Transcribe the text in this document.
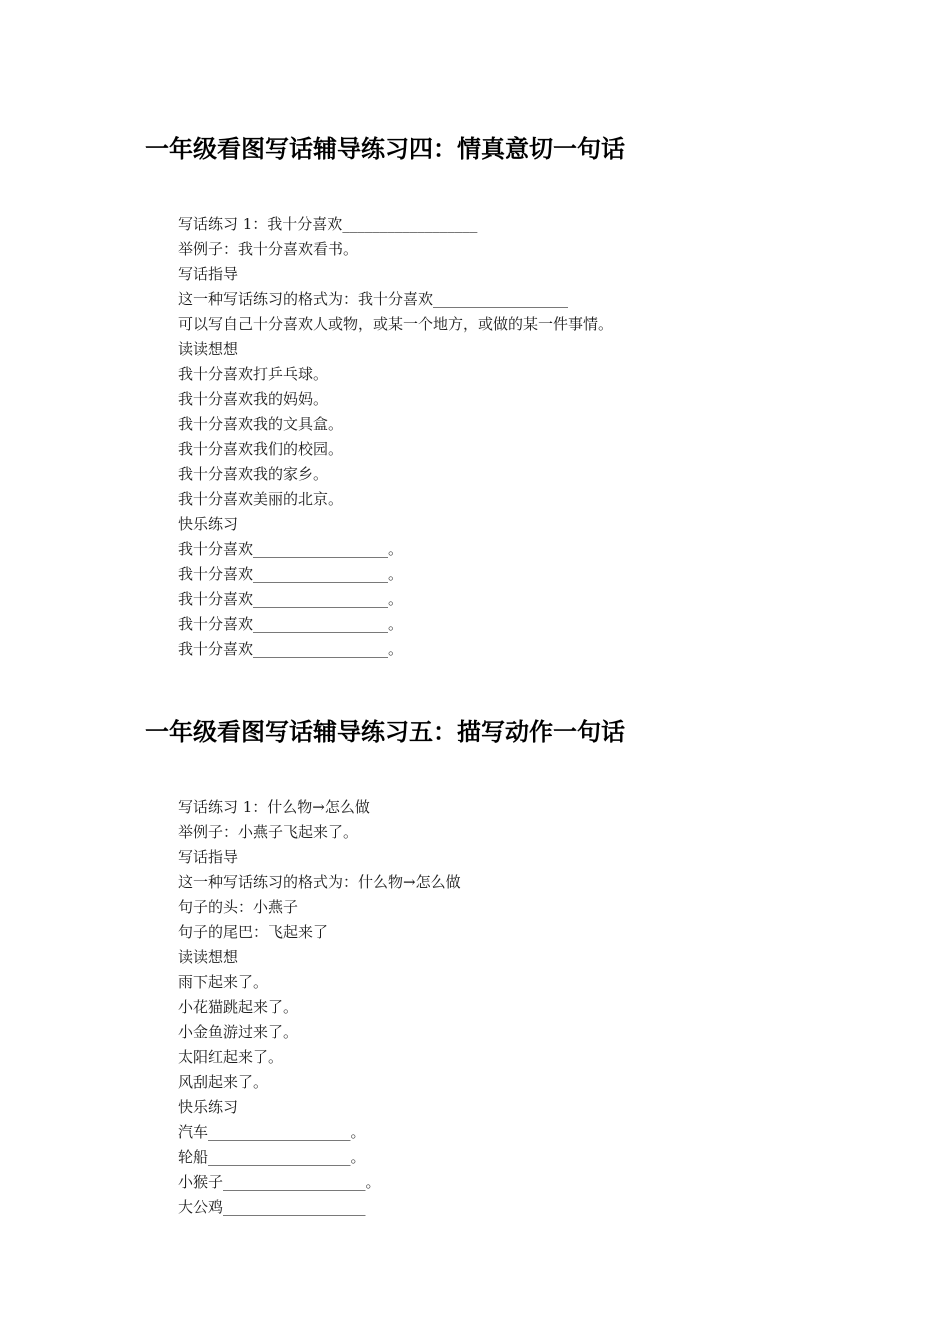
一年级看图写话辅导练习四：情真意切一句话
写话练习 1：我十分喜欢__________________
举例子：我十分喜欢看书。
写话指导
这一种写话练习的格式为：我十分喜欢__________________
可以写自己十分喜欢人或物，或某一个地方，或做的某一件事情。
读读想想
我十分喜欢打乒乓球。
我十分喜欢我的妈妈。
我十分喜欢我的文具盒。
我十分喜欢我们的校园。
我十分喜欢我的家乡。
我十分喜欢美丽的北京。
快乐练习
我十分喜欢__________________。
我十分喜欢__________________。
我十分喜欢__________________。
我十分喜欢__________________。
我十分喜欢__________________。
一年级看图写话辅导练习五：描写动作一句话
写话练习 1：什么物→怎么做
举例子：小燕子飞起来了。
写话指导
这一种写话练习的格式为：什么物→怎么做
句子的头：小燕子
句子的尾巴：飞起来了
读读想想
雨下起来了。
小花猫跳起来了。
小金鱼游过来了。
太阳红起来了。
风刮起来了。
快乐练习
汽车___________________。
轮船___________________。
小猴子___________________。
大公鸡___________________
